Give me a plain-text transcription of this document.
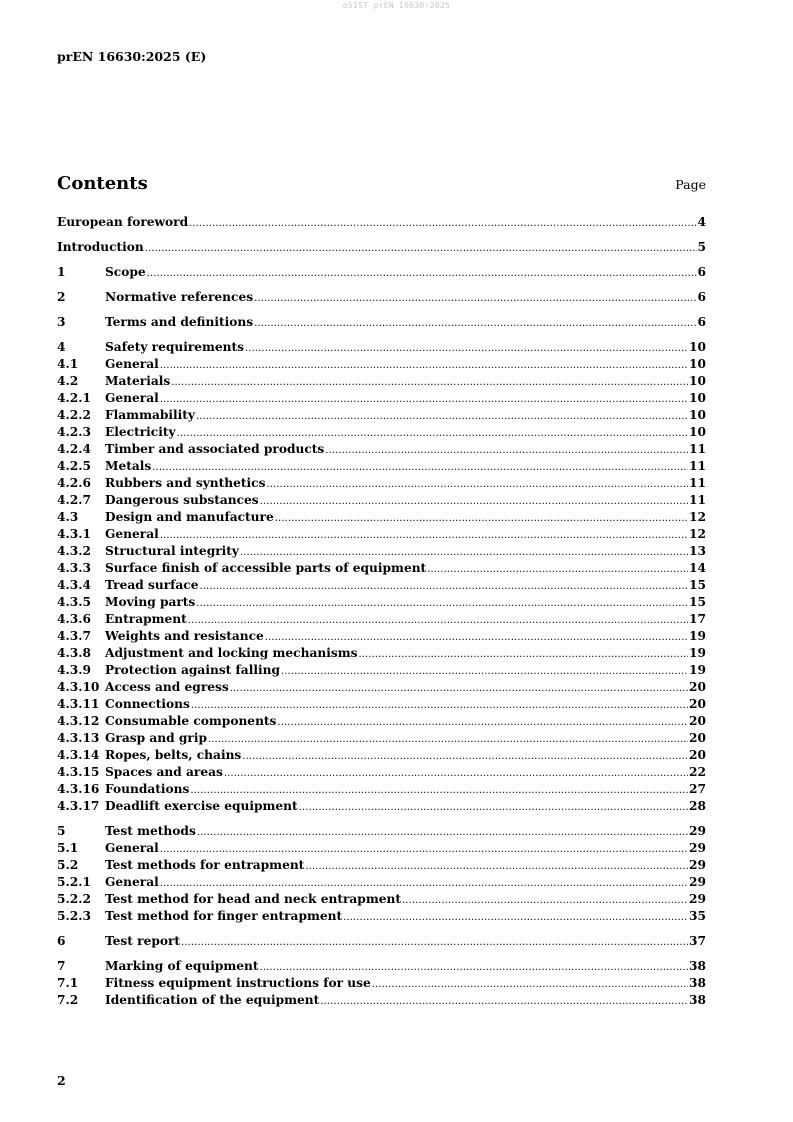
oSIST prEN 16630:2025
prEN 16630:2025 (E)
Contents	Page
European foreword .....	4
Introduction .....	5
1	Scope .....	6
2	Normative references .....	6
3	Terms and definitions .....	6
4	Safety requirements .....	10
4.1	General .....	10
4.2	Materials .....	10
4.2.1	General .....	10
4.2.2	Flammability .....	10
4.2.3	Electricity .....	10
4.2.4	Timber and associated products .....	11
4.2.5	Metals .....	11
4.2.6	Rubbers and synthetics .....	11
4.2.7	Dangerous substances .....	11
4.3	Design and manufacture .....	12
4.3.1	General .....	12
4.3.2	Structural integrity .....	13
4.3.3	Surface finish of accessible parts of equipment .....	14
4.3.4	Tread surface .....	15
4.3.5	Moving parts .....	15
4.3.6	Entrapment .....	17
4.3.7	Weights and resistance .....	19
4.3.8	Adjustment and locking mechanisms .....	19
4.3.9	Protection against falling .....	19
4.3.10 Access and egress .....	20
4.3.11 Connections .....	20
4.3.12 Consumable components .....	20
4.3.13 Grasp and grip .....	20
4.3.14 Ropes, belts, chains .....	20
4.3.15 Spaces and areas .....	22
4.3.16 Foundations .....	27
4.3.17 Deadlift exercise equipment .....	28
5	Test methods .....	29
5.1	General .....	29
5.2	Test methods for entrapment .....	29
5.2.1	General .....	29
5.2.2	Test method for head and neck entrapment .....	29
5.2.3	Test method for finger entrapment .....	35
6	Test report .....	37
7	Marking of equipment .....	38
7.1	Fitness equipment instructions for use .....	38
7.2	Identification of the equipment .....	38
2
